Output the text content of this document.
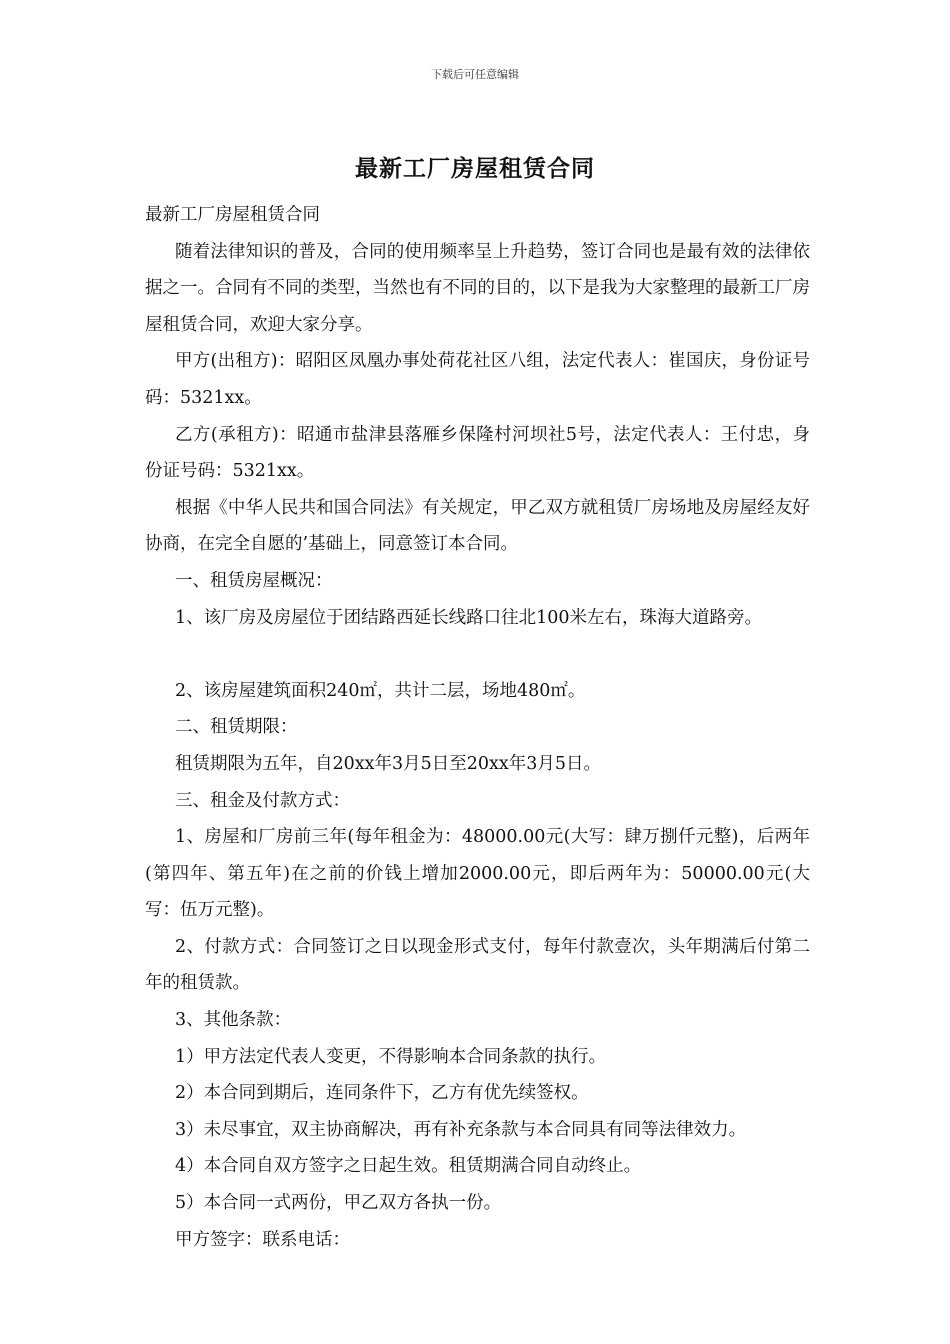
下载后可任意编辑
最新工厂房屋租赁合同

最新工厂房屋租赁合同

随着法律知识的普及，合同的使用频率呈上升趋势，签订合同也是最有效的法律依据之一。合同有不同的类型，当然也有不同的目的，以下是我为大家整理的最新工厂房屋租赁合同，欢迎大家分享。

甲方(出租方)：昭阳区凤凰办事处荷花社区八组，法定代表人：崔国庆，身份证号码：5321xx。

乙方(承租方)：昭通市盐津县落雁乡保隆村河坝社5号，法定代表人：王付忠，身份证号码：5321xx。

根据《中华人民共和国合同法》有关规定，甲乙双方就租赁厂房场地及房屋经友好协商，在完全自愿的’基础上，同意签订本合同。

一、租赁房屋概况：

1、该厂房及房屋位于团结路西延长线路口往北100米左右，珠海大道路旁。

2、该房屋建筑面积240㎡，共计二层，场地480㎡。

二、租赁期限：

租赁期限为五年，自20xx年3月5日至20xx年3月5日。

三、租金及付款方式：

1、房屋和厂房前三年(每年租金为：48000.00元(大写：肆万捌仟元整)，后两年(第四年、第五年)在之前的价钱上增加2000.00元，即后两年为：50000.00元(大写：伍万元整)。

2、付款方式：合同签订之日以现金形式支付，每年付款壹次，头年期满后付第二年的租赁款。

3、其他条款：

1）甲方法定代表人变更，不得影响本合同条款的执行。

2）本合同到期后，连同条件下，乙方有优先续签权。

3）未尽事宜，双主协商解决，再有补充条款与本合同具有同等法律效力。

4）本合同自双方签字之日起生效。租赁期满合同自动终止。

5）本合同一式两份，甲乙双方各执一份。

甲方签字：联系电话：
